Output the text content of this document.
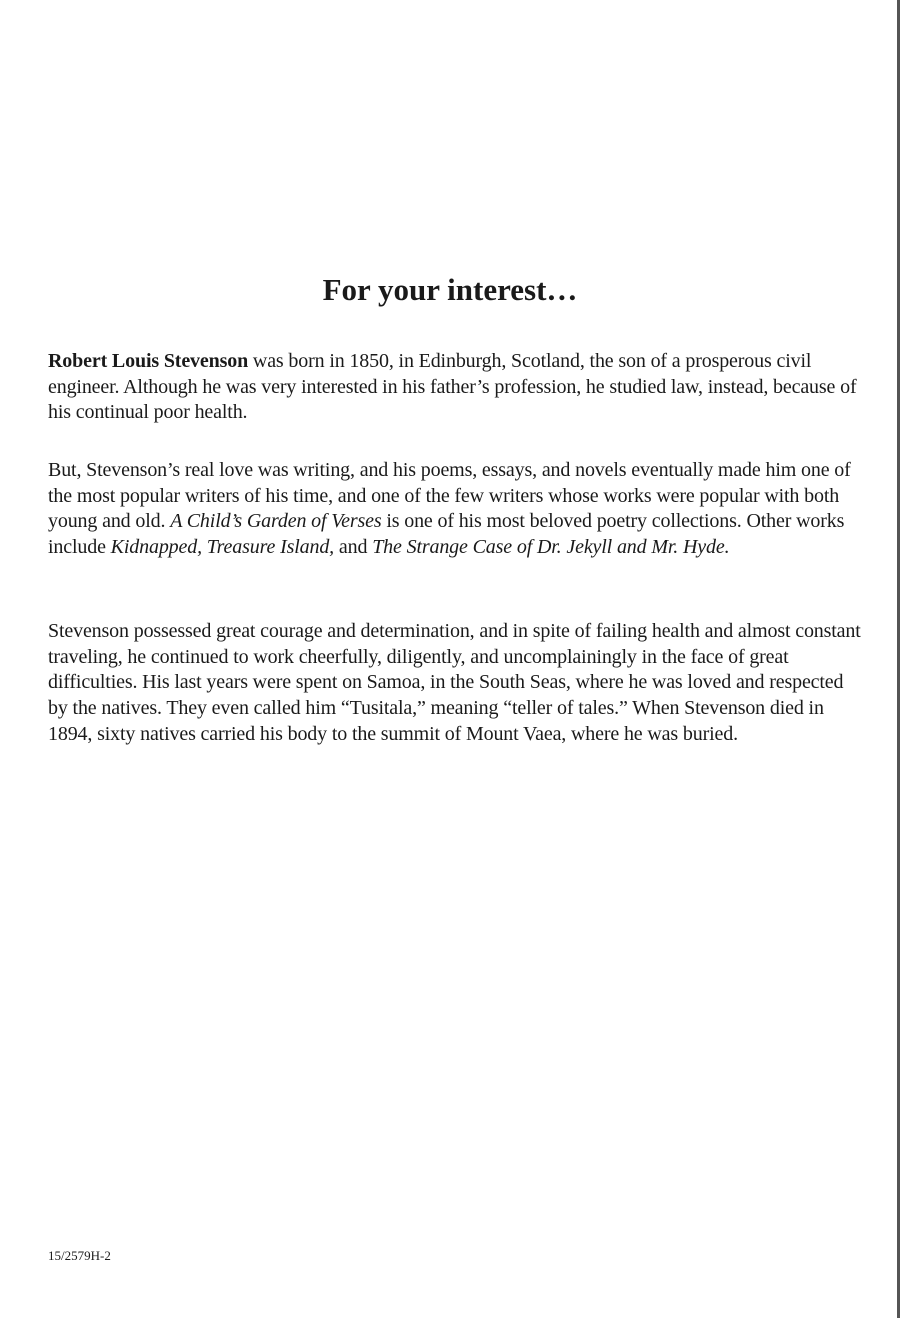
For your interest…

Robert Louis Stevenson was born in 1850, in Edinburgh, Scotland, the son of a prosperous civil engineer. Although he was very interested in his father’s profession, he studied law, instead, because of his continual poor health.

But, Stevenson’s real love was writing, and his poems, essays, and novels eventually made him one of the most popular writers of his time, and one of the few writers whose works were popular with both young and old. A Child’s Garden of Verses is one of his most beloved poetry collections. Other works include Kidnapped, Treasure Island, and The Strange Case of Dr. Jekyll and Mr. Hyde.

Stevenson possessed great courage and determination, and in spite of failing health and almost constant traveling, he continued to work cheerfully, diligently, and uncomplainingly in the face of great difficulties. His last years were spent on Samoa, in the South Seas, where he was loved and respected by the natives. They even called him “Tusitala,” meaning “teller of tales.” When Stevenson died in 1894, sixty natives carried his body to the summit of Mount Vaea, where he was buried.

15/2579H-2
